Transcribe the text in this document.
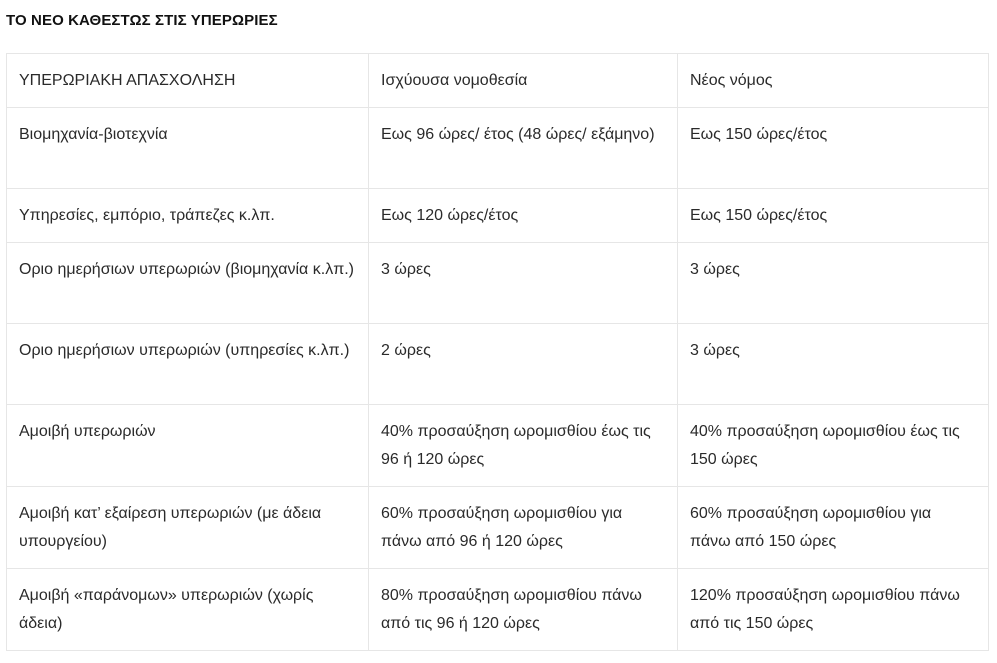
ΤΟ ΝΕΟ ΚΑΘΕΣΤΩΣ ΣΤΙΣ ΥΠΕΡΩΡΙΕΣ
ΥΠΕΡΩΡΙΑΚΗ ΑΠΑΣΧΟΛΗΣΗ	Ισχύουσα νομοθεσία	Νέος νόμος
Βιομηχανία-βιοτεχνία	Εως 96 ώρες/ έτος (48 ώρες/ εξάμηνο)	Εως 150 ώρες/έτος
Υπηρεσίες, εμπόριο, τράπεζες κ.λπ.	Εως 120 ώρες/έτος	Εως 150 ώρες/έτος
Οριο ημερήσιων υπερωριών (βιομηχανία κ.λπ.)	3 ώρες	3 ώρες
Οριο ημερήσιων υπερωριών (υπηρεσίες κ.λπ.)	2 ώρες	3 ώρες
Αμοιβή υπερωριών	40% προσαύξηση ωρομισθίου έως τις 96 ή 120 ώρες	40% προσαύξηση ωρομισθίου έως τις 150 ώρες
Αμοιβή κατ’ εξαίρεση υπερωριών (με άδεια υπουργείου)	60% προσαύξηση ωρομισθίου για πάνω από 96 ή 120 ώρες	60% προσαύξηση ωρομισθίου για πάνω από 150 ώρες
Αμοιβή «παράνομων» υπερωριών (χωρίς άδεια)	80% προσαύξηση ωρομισθίου πάνω από τις 96 ή 120 ώρες	120% προσαύξηση ωρομισθίου πάνω από τις 150 ώρες
